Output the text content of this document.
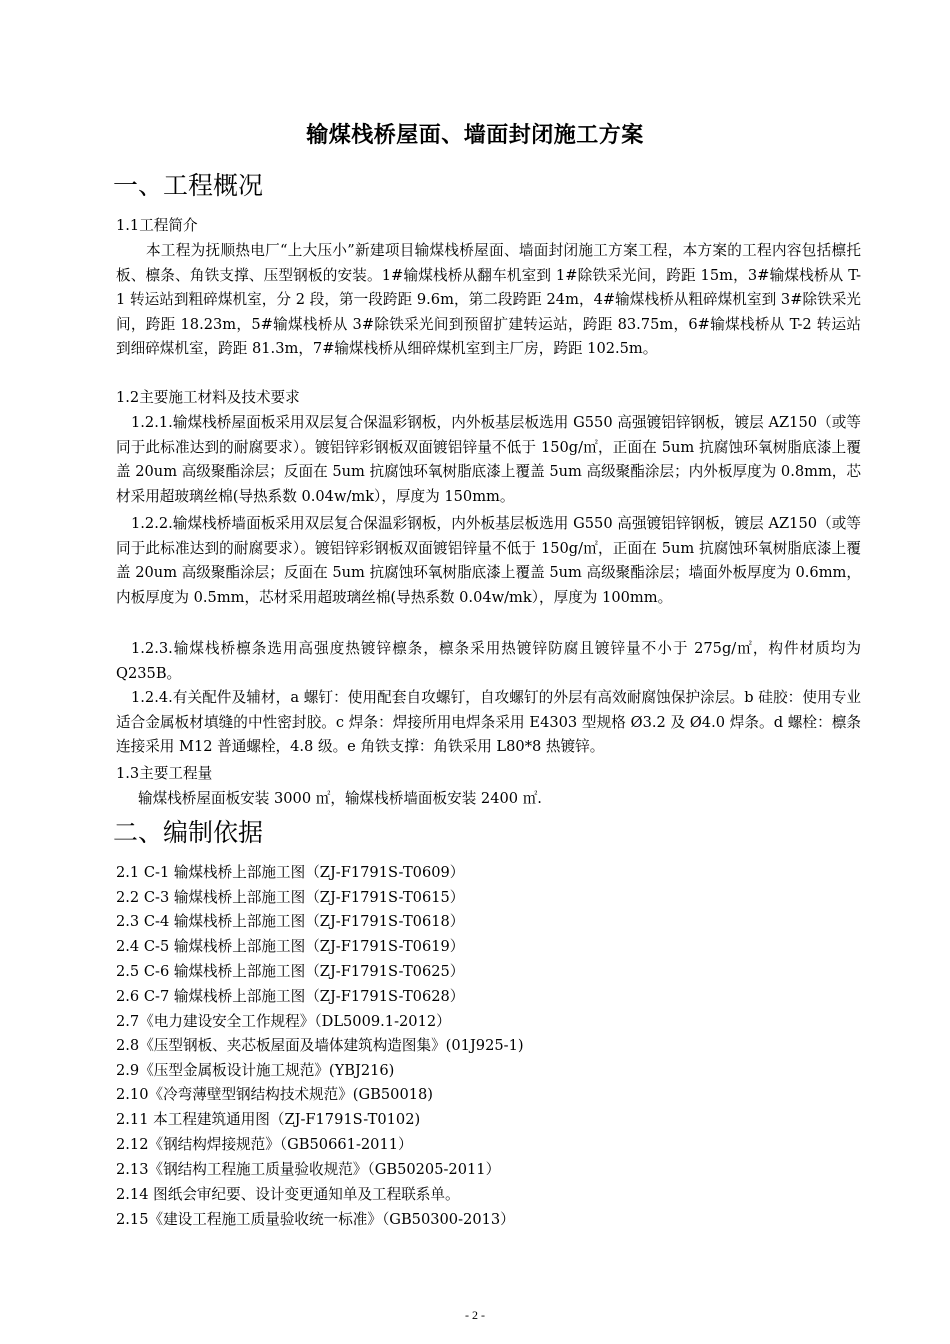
输煤栈桥屋面、墙面封闭施工方案
一、工程概况
1.1工程简介
本工程为抚顺热电厂“上大压小”新建项目输煤栈桥屋面、墙面封闭施工方案工程，本方案的工程内容包括檩托板、檩条、角铁支撑、压型钢板的安装。1#输煤栈桥从翻车机室到 1#除铁采光间，跨距 15m，3#输煤栈桥从 T-1 转运站到粗碎煤机室，分 2 段，第一段跨距 9.6m，第二段跨距 24m，4#输煤栈桥从粗碎煤机室到 3#除铁采光间，跨距 18.23m，5#输煤栈桥从 3#除铁采光间到预留扩建转运站，跨距 83.75m，6#输煤栈桥从 T-2 转运站到细碎煤机室，跨距 81.3m，7#输煤栈桥从细碎煤机室到主厂房，跨距 102.5m。
1.2主要施工材料及技术要求
1.2.1.输煤栈桥屋面板采用双层复合保温彩钢板，内外板基层板选用 G550 高强镀铝锌钢板，镀层 AZ150（或等同于此标准达到的耐腐要求）。镀铝锌彩钢板双面镀铝锌量不低于 150g/㎡，正面在 5um 抗腐蚀环氧树脂底漆上覆盖 20um 高级聚酯涂层；反面在 5um 抗腐蚀环氧树脂底漆上覆盖 5um 高级聚酯涂层；内外板厚度为 0.8mm，芯材采用超玻璃丝棉(导热系数 0.04w/mk），厚度为 150mm。
1.2.2.输煤栈桥墙面板采用双层复合保温彩钢板，内外板基层板选用 G550 高强镀铝锌钢板，镀层 AZ150（或等同于此标准达到的耐腐要求）。镀铝锌彩钢板双面镀铝锌量不低于 150g/㎡，正面在 5um 抗腐蚀环氧树脂底漆上覆盖 20um 高级聚酯涂层；反面在 5um 抗腐蚀环氧树脂底漆上覆盖 5um 高级聚酯涂层；墙面外板厚度为 0.6mm，内板厚度为 0.5mm，芯材采用超玻璃丝棉(导热系数 0.04w/mk），厚度为 100mm。
1.2.3.输煤栈桥檩条选用高强度热镀锌檩条，檩条采用热镀锌防腐且镀锌量不小于 275g/㎡，构件材质均为 Q235B。
1.2.4.有关配件及辅材，a 螺钉：使用配套自攻螺钉，自攻螺钉的外层有高效耐腐蚀保护涂层。b 硅胶：使用专业适合金属板材填缝的中性密封胶。c 焊条：焊接所用电焊条采用 E4303 型规格 Ø3.2 及 Ø4.0 焊条。d 螺栓：檩条连接采用 M12 普通螺栓，4.8 级。e 角铁支撑：角铁采用 L80*8 热镀锌。
1.3主要工程量
输煤栈桥屋面板安装 3000 ㎡，输煤栈桥墙面板安装 2400 ㎡.
二、编制依据
2.1 C-1 输煤栈桥上部施工图（ZJ-F1791S-T0609）
2.2 C-3 输煤栈桥上部施工图（ZJ-F1791S-T0615）
2.3 C-4 输煤栈桥上部施工图（ZJ-F1791S-T0618）
2.4 C-5 输煤栈桥上部施工图（ZJ-F1791S-T0619）
2.5 C-6 输煤栈桥上部施工图（ZJ-F1791S-T0625）
2.6 C-7 输煤栈桥上部施工图（ZJ-F1791S-T0628）
2.7《电力建设安全工作规程》（DL5009.1-2012）
2.8《压型钢板、夹芯板屋面及墙体建筑构造图集》(01J925-1)
2.9《压型金属板设计施工规范》(YBJ216)
2.10《冷弯薄壁型钢结构技术规范》(GB50018)
2.11 本工程建筑通用图（ZJ-F1791S-T0102)
2.12《钢结构焊接规范》（GB50661-2011）
2.13《钢结构工程施工质量验收规范》（GB50205-2011）
2.14 图纸会审纪要、设计变更通知单及工程联系单。
2.15《建设工程施工质量验收统一标准》（GB50300-2013）
- 2 -
